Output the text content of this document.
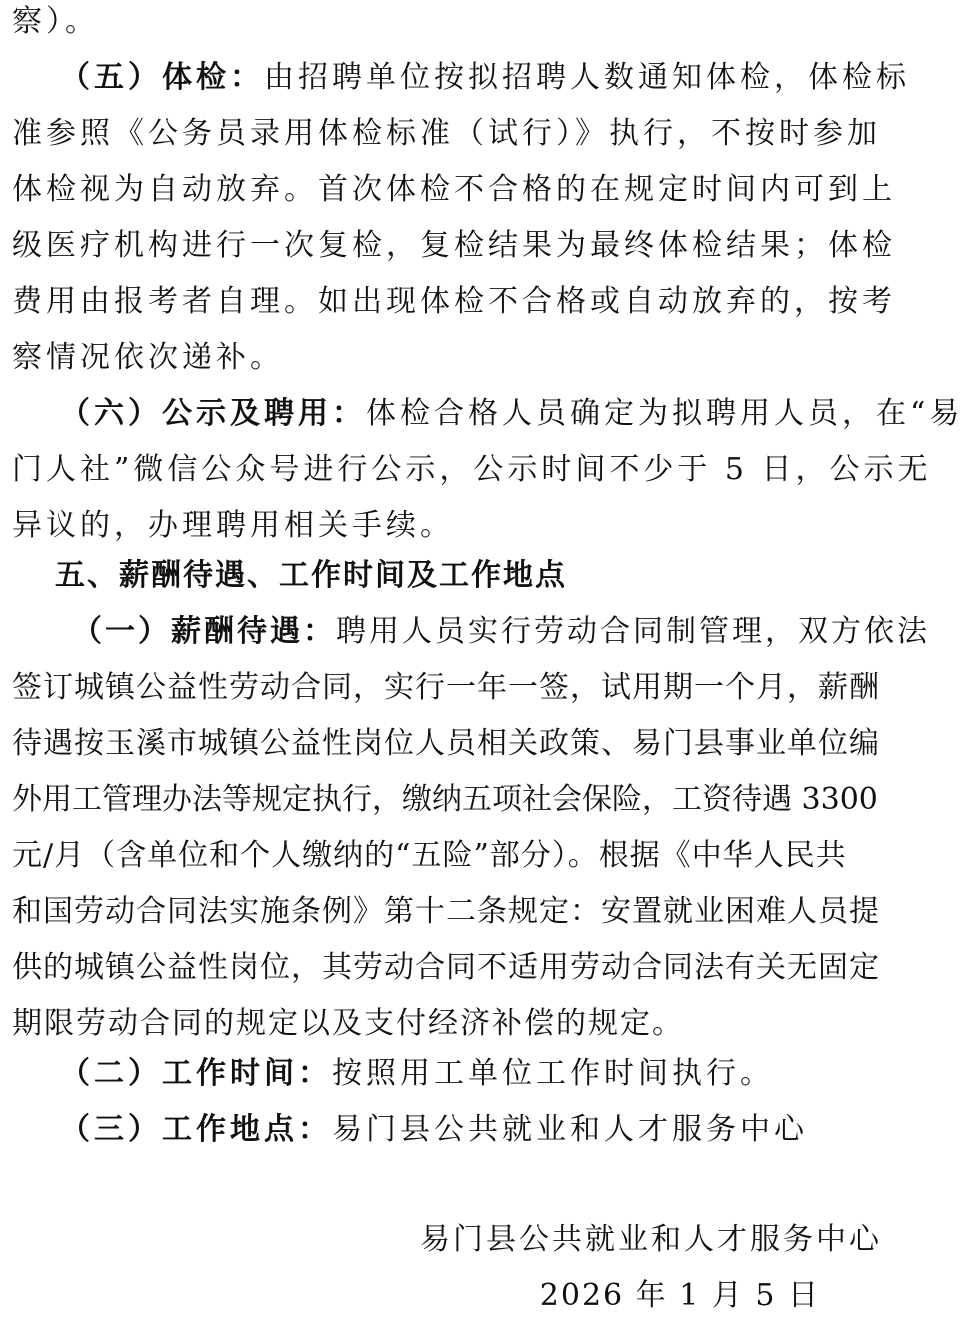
察）。
（五）体检：由招聘单位按拟招聘人数通知体检，体检标
准参照《公务员录用体检标准（试行）》执行，不按时参加
体检视为自动放弃。首次体检不合格的在规定时间内可到上
级医疗机构进行一次复检，复检结果为最终体检结果；体检
费用由报考者自理。如出现体检不合格或自动放弃的，按考
察情况依次递补。
（六）公示及聘用：体检合格人员确定为拟聘用人员，在“易
门人社”微信公众号进行公示，公示时间不少于 5 日，公示无
异议的，办理聘用相关手续。
五、薪酬待遇、工作时间及工作地点
（一）薪酬待遇：聘用人员实行劳动合同制管理，双方依法
签订城镇公益性劳动合同，实行一年一签，试用期一个月，薪酬
待遇按玉溪市城镇公益性岗位人员相关政策、易门县事业单位编
外用工管理办法等规定执行，缴纳五项社会保险，工资待遇 3300
元/月（含单位和个人缴纳的“五险”部分）。根据《中华人民共
和国劳动合同法实施条例》第十二条规定：安置就业困难人员提
供的城镇公益性岗位，其劳动合同不适用劳动合同法有关无固定
期限劳动合同的规定以及支付经济补偿的规定。
（二）工作时间：按照用工单位工作时间执行。
（三）工作地点：易门县公共就业和人才服务中心
易门县公共就业和人才服务中心
2026 年 1 月 5 日
